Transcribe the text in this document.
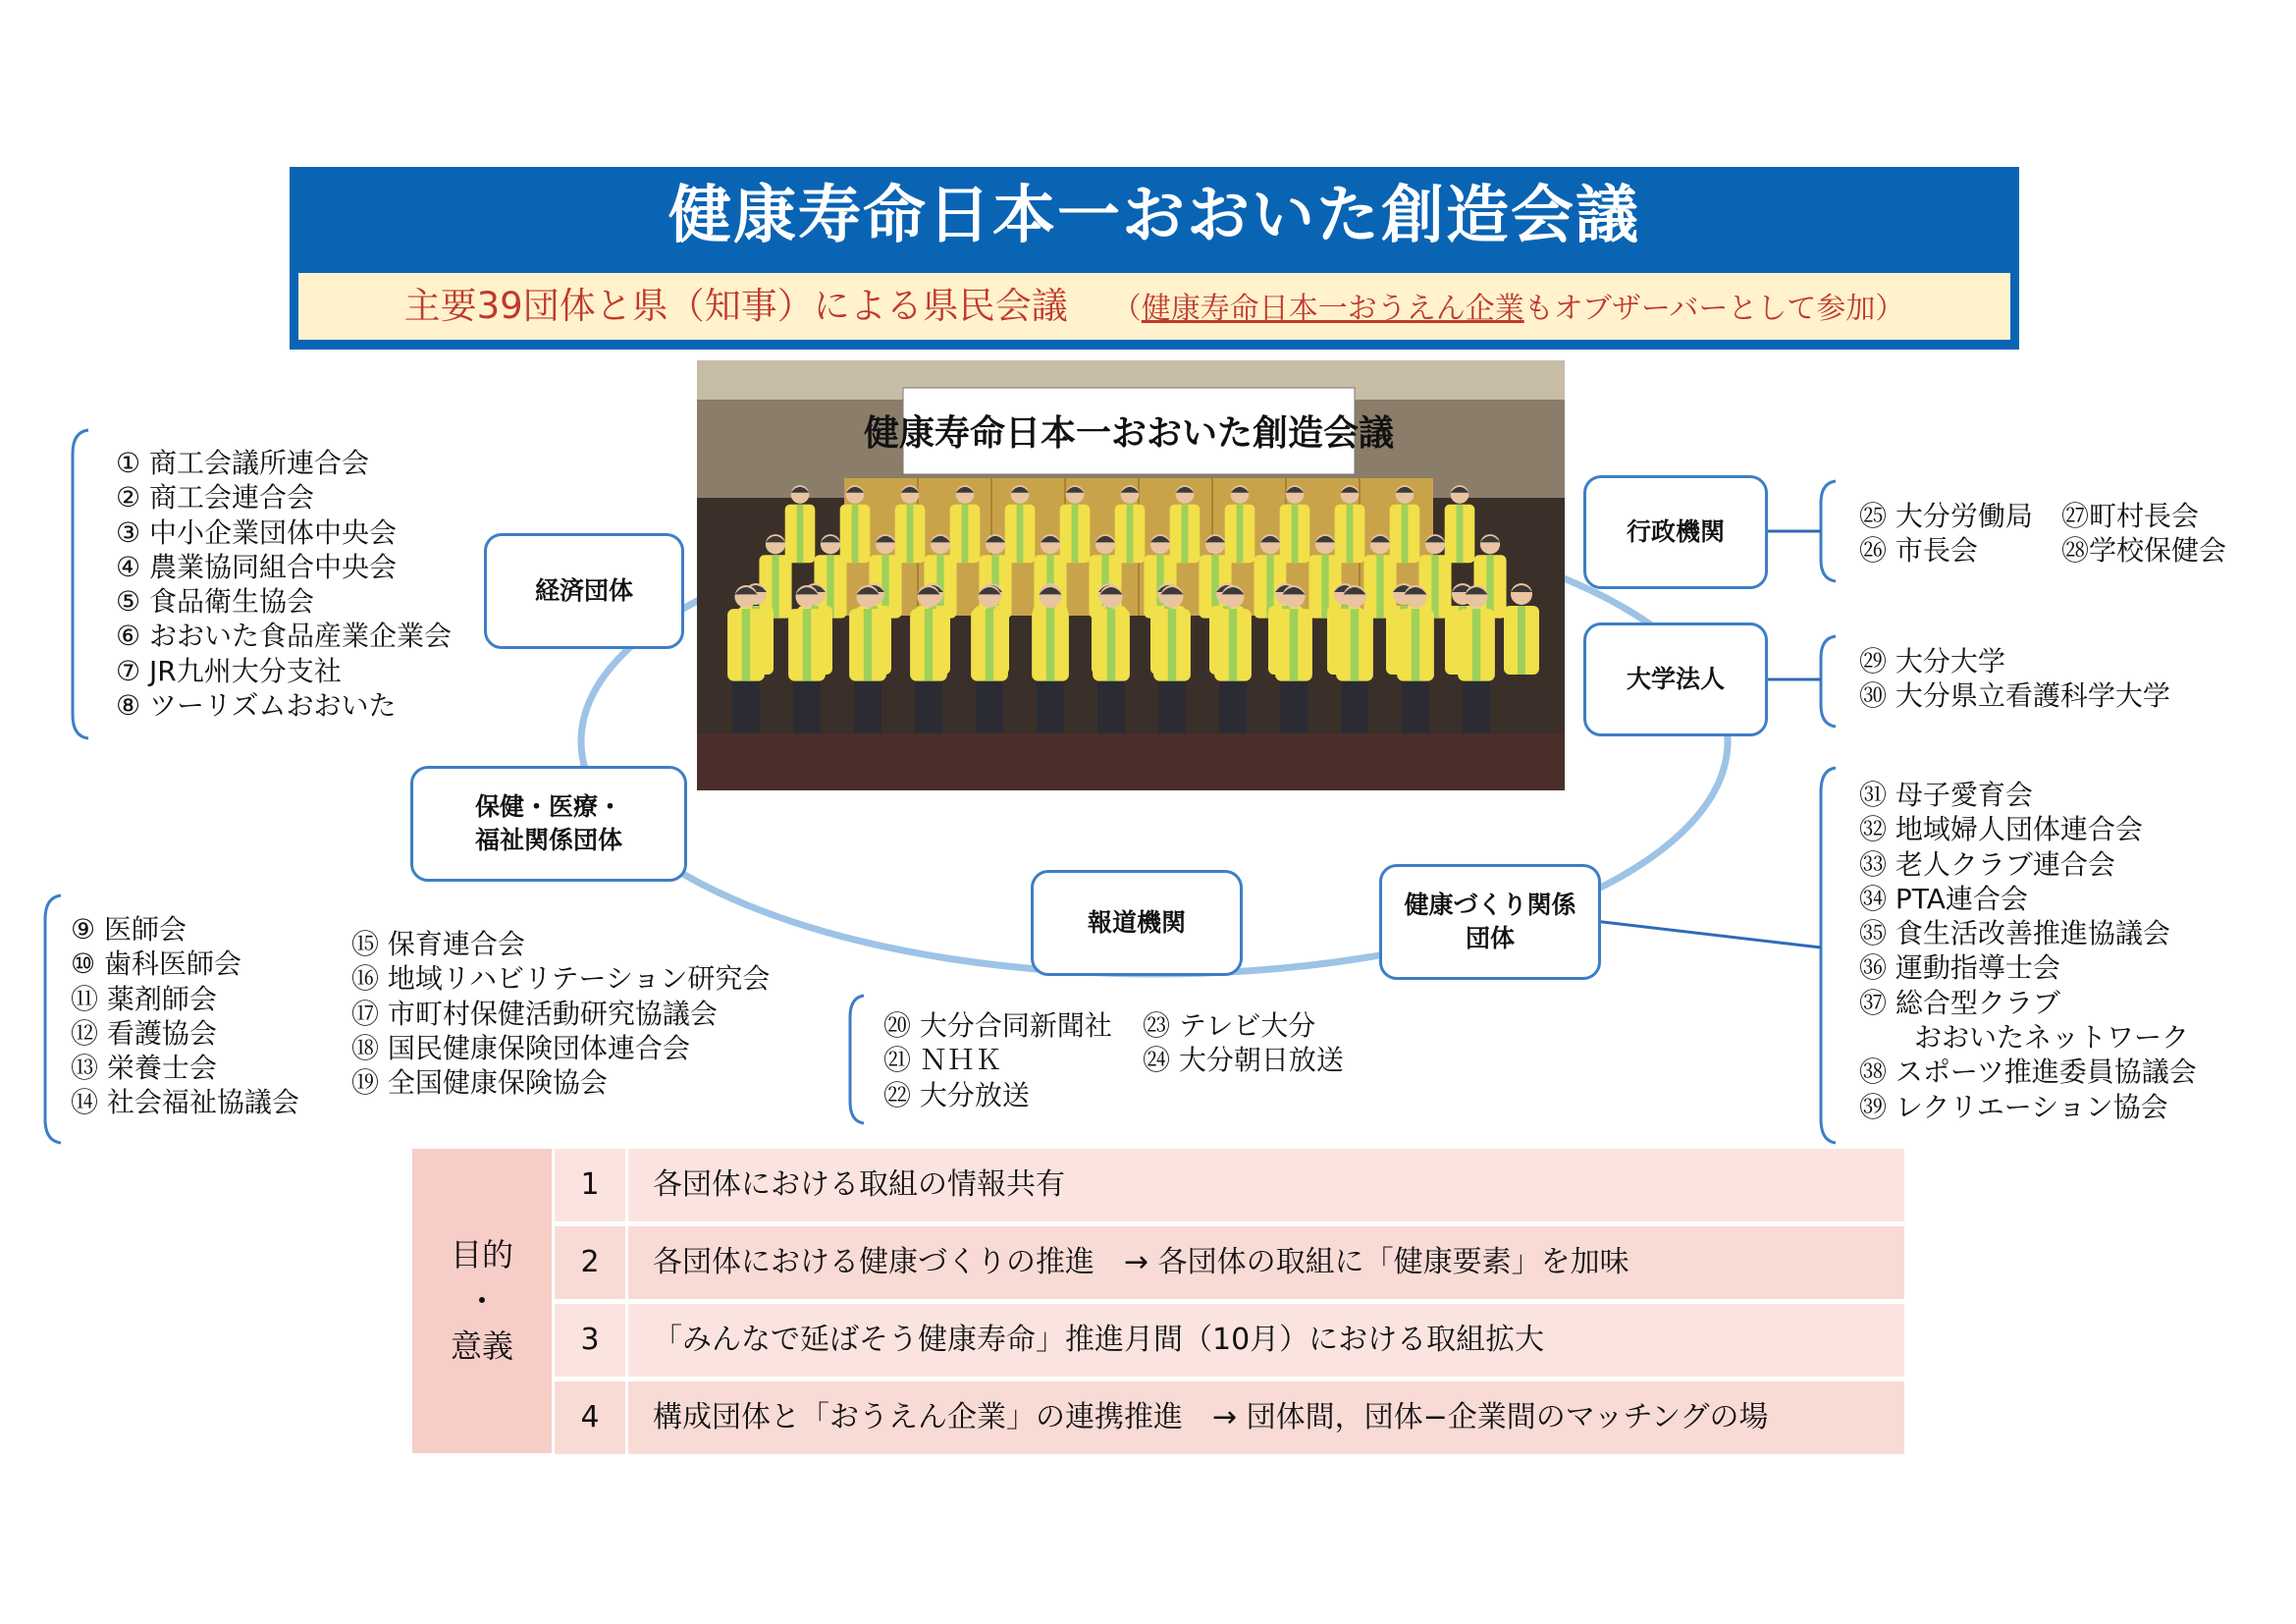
健康寿命日本一おおいた創造会議
主要39団体と県（知事）による県民会議　　 （健康寿命日本一おうえん企業もオブザーバーとして参加）
健康寿命日本一おおいた創造会議
経済団体
行政機関
大学法人
保健・医療・
福祉関係団体
報道機関
健康づくり関係
団体
① 商工会議所連合会
② 商工会連合会
③ 中小企業団体中央会
④ 農業協同組合中央会
⑤ 食品衛生協会
⑥ おおいた食品産業企業会
⑦ JR九州大分支社
⑧ ツーリズムおおいた
⑨ 医師会
⑩ 歯科医師会
⑪ 薬剤師会
⑫ 看護協会
⑬ 栄養士会
⑭ 社会福祉協議会
⑮ 保育連合会
⑯ 地域リハビリテーション研究会
⑰ 市町村保健活動研究協議会
⑱ 国民健康保険団体連合会
⑲ 全国健康保険協会
⑳ 大分合同新聞社
㉑ ＮＨＫ
㉒ 大分放送
㉓ テレビ大分
㉔ 大分朝日放送
㉕ 大分労働局
㉖ 市長会
㉗町村長会
㉘学校保健会
㉙ 大分大学
㉚ 大分県立看護科学大学
㉛ 母子愛育会
㉜ 地域婦人団体連合会
㉝ 老人クラブ連合会
㉞ PTA連合会
㉟ 食生活改善推進協議会
㊱ 運動指導士会
㊲ 総合型クラブ
　　おおいたネットワーク
㊳ スポーツ推進委員協議会
㊴ レクリエーション協会
目的
・
意義
1	各団体における取組の情報共有
2	各団体における健康づくりの推進　→ 各団体の取組に「健康要素」を加味
3	「みんなで延ばそう健康寿命」推進月間（10月）における取組拡大
4	構成団体と「おうえん企業」の連携推進　→ 団体間，団体−企業間のマッチングの場
